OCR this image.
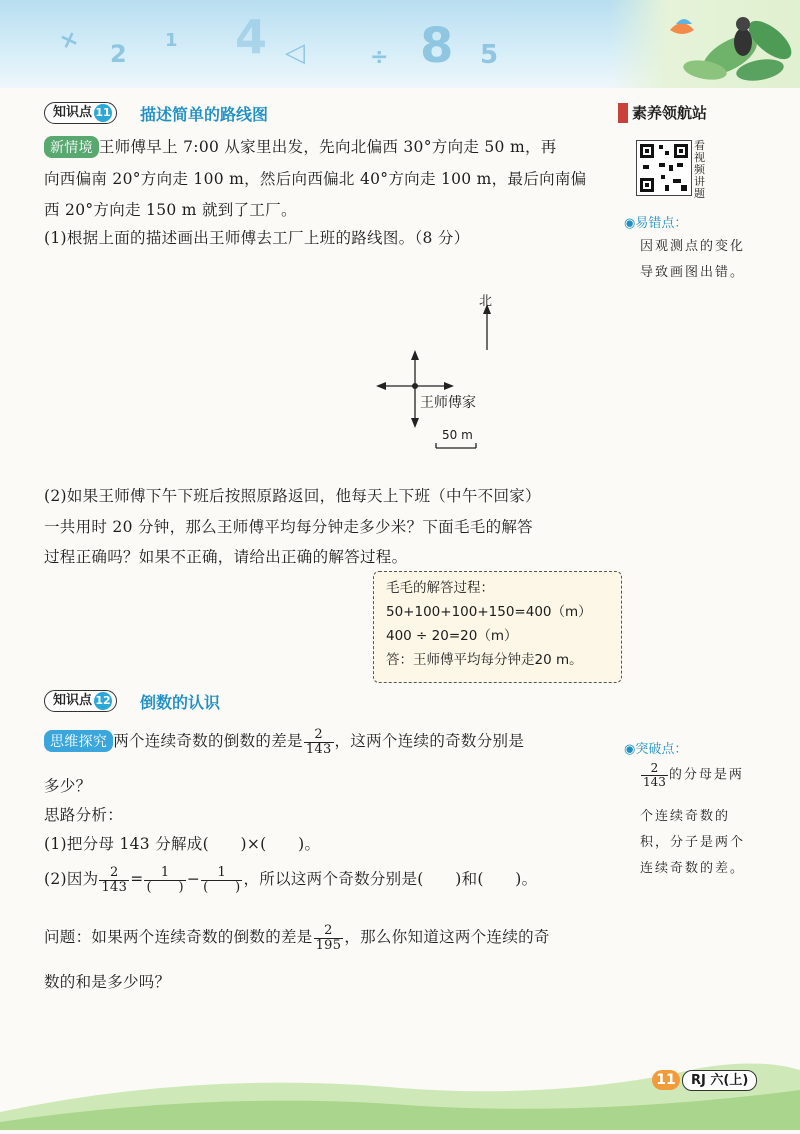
× 2 1 4 ◁	÷ 8 5
知识点 11	描述简单的路线图
新情境 王师傅早上 7:00 从家里出发，先向北偏西 30°方向走 50 m，再
向西偏南 20°方向走 100 m，然后向西偏北 40°方向走 100 m，最后向南偏
西 20°方向走 150 m 就到了工厂。
(1)根据上面的描述画出王师傅去工厂上班的路线图。（8 分）
北
王师傅家
50 m
(2)如果王师傅下午下班后按照原路返回，他每天上下班（中午不回家）
一共用时 20 分钟，那么王师傅平均每分钟走多少米？下面毛毛的解答
过程正确吗？如果不正确，请给出正确的解答过程。
毛毛的解答过程：
50+100+100+150=400（m）
400 ÷ 20=20（m）
答：王师傅平均每分钟走20 m。
素养领航站
看视频讲题
◉易错点：
因观测点的变化
导致画图出错。
◉突破点：
$\frac{2}{143}$ 的分母是两
个连续奇数的
积，分子是两个
连续奇数的差。
知识点 12	倒数的认识
思维探究 两个连续奇数的倒数的差是 $\frac{2}{143}$ ，这两个连续的奇数分别是
多少？
思路分析：
(1)把分母 143 分解成(　　)×(　　)。
(2)因为 $\frac{2}{143} = \frac{1}{( )} - \frac{1}{( )}$ ，所以这两个奇数分别是(　　)和(　　)。
问题：如果两个连续奇数的倒数的差是 $\frac{2}{195}$ ，那么你知道这两个连续的奇
数的和是多少吗？
11	RJ 六(上)
